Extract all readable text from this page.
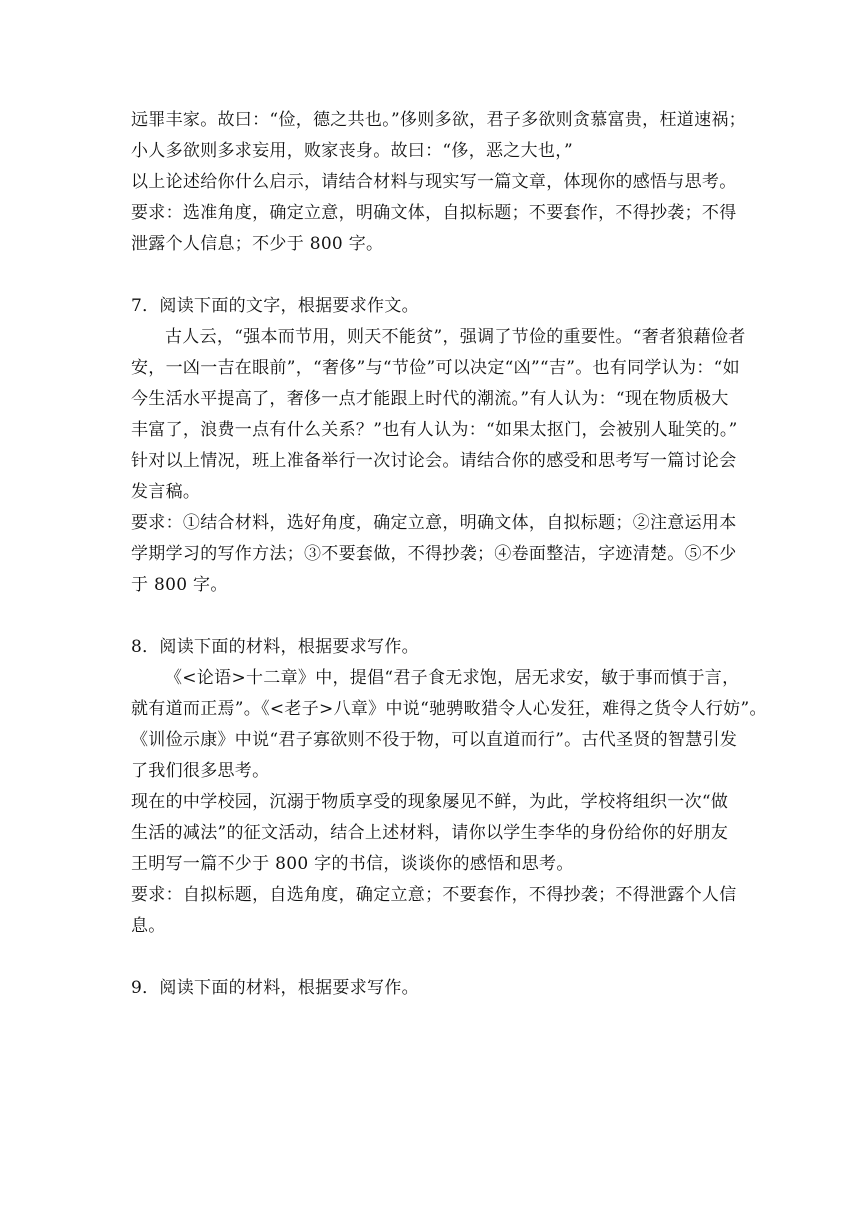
远罪丰家。故曰：“俭，德之共也。”侈则多欲，君子多欲则贪慕富贵，枉道速祸；
小人多欲则多求妄用，败家丧身。故曰：“侈，恶之大也，”
以上论述给你什么启示，请结合材料与现实写一篇文章，体现你的感悟与思考。
要求：选准角度，确定立意，明确文体，自拟标题；不要套作，不得抄袭；不得
泄露个人信息；不少于 800 字。
7．阅读下面的文字，根据要求作文。
古人云，“强本而节用，则天不能贫”，强调了节俭的重要性。“奢者狼藉俭者
安，一凶一吉在眼前”，“奢侈”与“节俭”可以决定“凶”“吉”。也有同学认为：“如
今生活水平提高了，奢侈一点才能跟上时代的潮流。”有人认为：“现在物质极大
丰富了，浪费一点有什么关系？”也有人认为：“如果太抠门，会被别人耻笑的。”
针对以上情况，班上准备举行一次讨论会。请结合你的感受和思考写一篇讨论会
发言稿。
要求：①结合材料，选好角度，确定立意，明确文体，自拟标题；②注意运用本
学期学习的写作方法；③不要套做，不得抄袭；④卷面整洁，字迹清楚。⑤不少
于 800 字。
8．阅读下面的材料，根据要求写作。
《<论语>十二章》中，提倡“君子食无求饱，居无求安，敏于事而慎于言，
就有道而正焉”。《<老子>八章》中说“驰骋畋猎令人心发狂，难得之货令人行妨”。
《训俭示康》中说“君子寡欲则不役于物，可以直道而行”。古代圣贤的智慧引发
了我们很多思考。
现在的中学校园，沉溺于物质享受的现象屡见不鲜，为此，学校将组织一次“做
生活的减法”的征文活动，结合上述材料，请你以学生李华的身份给你的好朋友
王明写一篇不少于 800 字的书信，谈谈你的感悟和思考。
要求：自拟标题，自选角度，确定立意；不要套作，不得抄袭；不得泄露个人信
息。
9．阅读下面的材料，根据要求写作。
